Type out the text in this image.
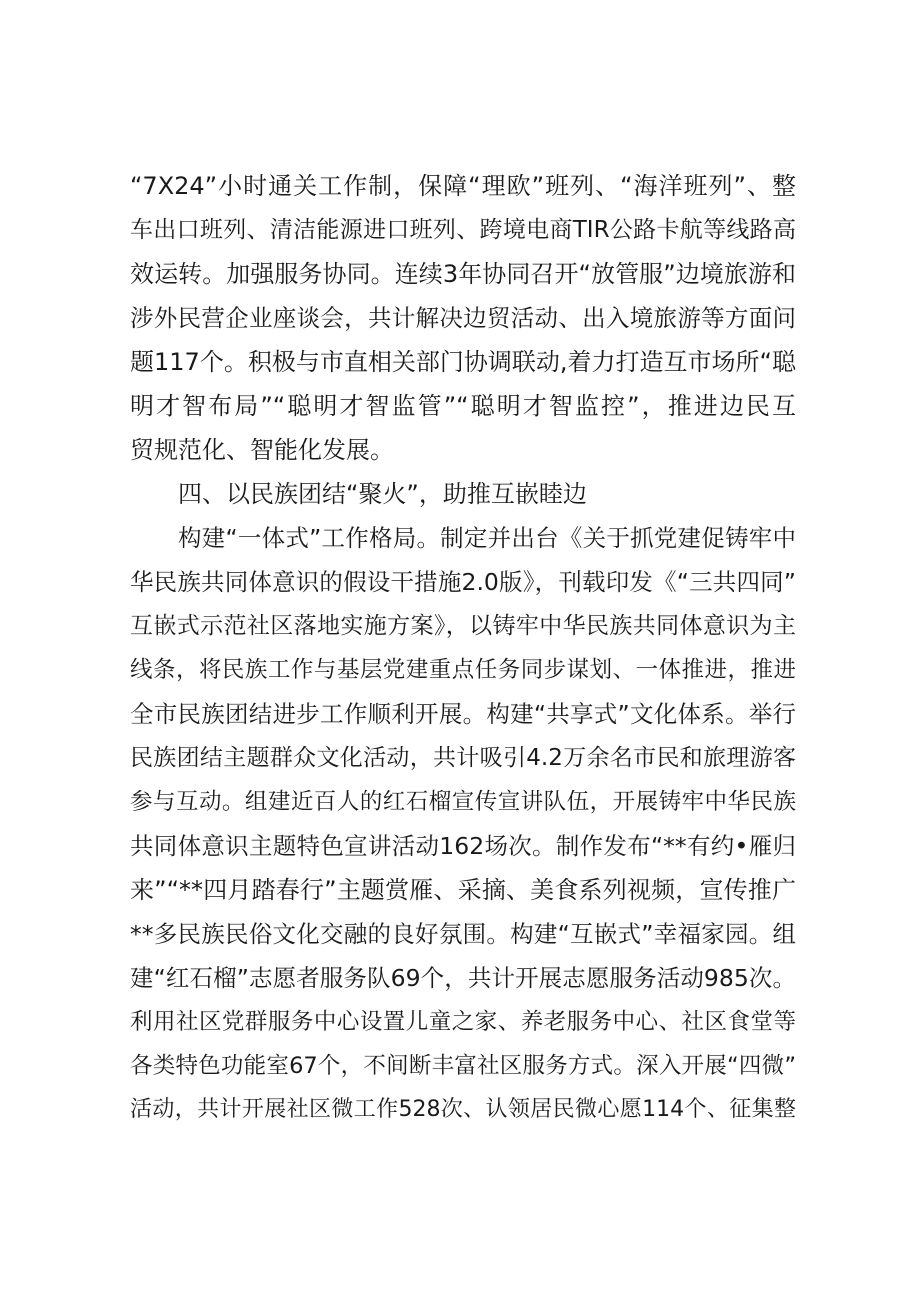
“7X24”小时通关工作制，保障“理欧”班列、“海洋班列”、整
车出口班列、清洁能源进口班列、跨境电商TIR公路卡航等线路高
效运转。加强服务协同。连续3年协同召开“放管服”边境旅游和
涉外民营企业座谈会，共计解决边贸活动、出入境旅游等方面问
题117个。积极与市直相关部门协调联动,着力打造互市场所“聪
明才智布局”“聪明才智监管”“聪明才智监控”，推进边民互
贸规范化、智能化发展。
四、以民族团结“聚火”，助推互嵌睦边
构建“一体式”工作格局。制定并出台《关于抓党建促铸牢中
华民族共同体意识的假设干措施2.0版》，刊载印发《“三共四同”
互嵌式示范社区落地实施方案》，以铸牢中华民族共同体意识为主
线条，将民族工作与基层党建重点任务同步谋划、一体推进，推进
全市民族团结进步工作顺利开展。构建“共享式”文化体系。举行
民族团结主题群众文化活动，共计吸引4.2万余名市民和旅理游客
参与互动。组建近百人的红石榴宣传宣讲队伍，开展铸牢中华民族
共同体意识主题特色宣讲活动162场次。制作发布“**有约•雁归
来”“**四月踏春行”主题赏雁、采摘、美食系列视频，宣传推广
**多民族民俗文化交融的良好氛围。构建“互嵌式”幸福家园。组
建“红石榴”志愿者服务队69个，共计开展志愿服务活动985次。
利用社区党群服务中心设置儿童之家、养老服务中心、社区食堂等
各类特色功能室67个，不间断丰富社区服务方式。深入开展“四微”
活动，共计开展社区微工作528次、认领居民微心愿114个、征集整
